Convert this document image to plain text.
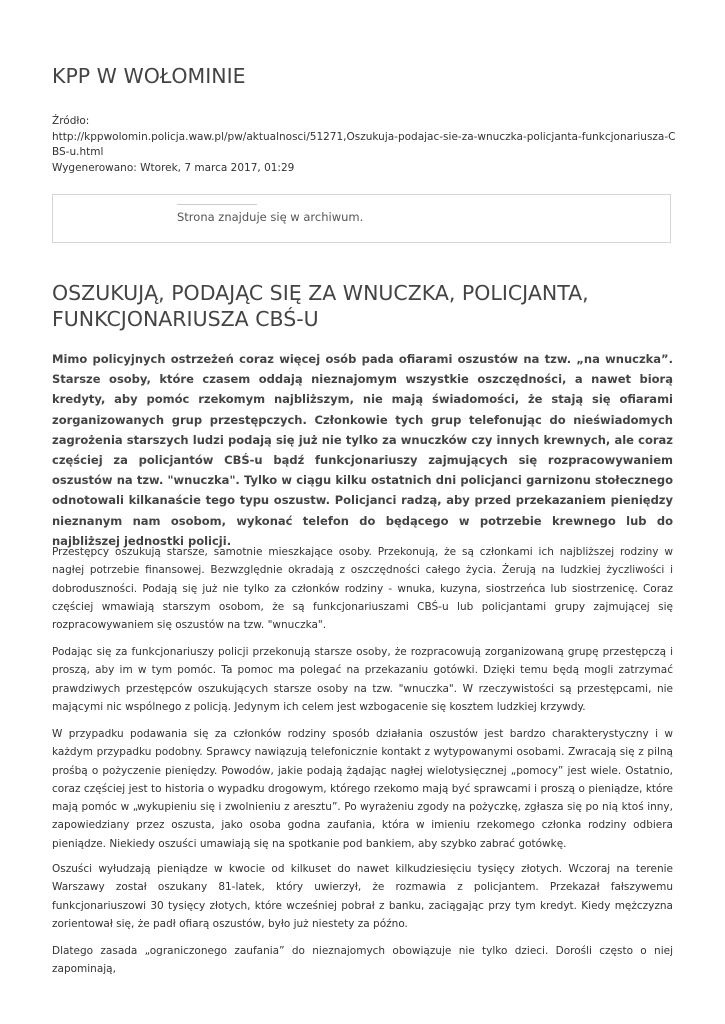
KPP W WOŁOMINIE
Źródło:
http://kppwolomin.policja.waw.pl/pw/aktualnosci/51271,Oszukuja-podajac-sie-za-wnuczka-policjanta-funkcjonariusza-CBS-u.html
Wygenerowano: Wtorek, 7 marca 2017, 01:29
Strona znajduje się w archiwum.
OSZUKUJĄ, PODAJĄC SIĘ ZA WNUCZKA, POLICJANTA, FUNKCJONARIUSZA CBŚ-U

Mimo policyjnych ostrzeżeń coraz więcej osób pada ofiarami oszustów na tzw. „na wnuczka”. Starsze osoby, które czasem oddają nieznajomym wszystkie oszczędności, a nawet biorą kredyty, aby pomóc rzekomym najbliższym, nie mają świadomości, że stają się ofiarami zorganizowanych grup przestępczych. Członkowie tych grup telefonując do nieświadomych zagrożenia starszych ludzi podają się już nie tylko za wnuczków czy innych krewnych, ale coraz częściej za policjantów CBŚ-u bądź funkcjonariuszy zajmujących się rozpracowywaniem oszustów na tzw. "wnuczka". Tylko w ciągu kilku ostatnich dni policjanci garnizonu stołecznego odnotowali kilkanaście tego typu oszustw. Policjanci radzą, aby przed przekazaniem pieniędzy nieznanym nam osobom, wykonać telefon do będącego w potrzebie krewnego lub do najbliższej jednostki policji.

Przestępcy oszukują starsze, samotnie mieszkające osoby. Przekonują, że są członkami ich najbliższej rodziny w nagłej potrzebie finansowej. Bezwzględnie okradają z oszczędności całego życia. Żerują na ludzkiej życzliwości i dobroduszności. Podają się już nie tylko za członków rodziny - wnuka, kuzyna, siostrzeńca lub siostrzenicę. Coraz częściej wmawiają starszym osobom, że są funkcjonariuszami CBŚ-u lub policjantami grupy zajmującej się rozpracowywaniem się oszustów na tzw. "wnuczka".

Podając się za funkcjonariuszy policji przekonują starsze osoby, że rozpracowują zorganizowaną grupę przestępczą i proszą, aby im w tym pomóc. Ta pomoc ma polegać na przekazaniu gotówki. Dzięki temu będą mogli zatrzymać prawdziwych przestępców oszukujących starsze osoby na tzw. "wnuczka". W rzeczywistości są przestępcami, nie mającymi nic wspólnego z policją. Jedynym ich celem jest wzbogacenie się kosztem ludzkiej krzywdy.

W przypadku podawania się za członków rodziny sposób działania oszustów jest bardzo charakterystyczny i w każdym przypadku podobny. Sprawcy nawiązują telefonicznie kontakt z wytypowanymi osobami. Zwracają się z pilną prośbą o pożyczenie pieniędzy. Powodów, jakie podają żądając nagłej wielotysięcznej „pomocy” jest wiele. Ostatnio, coraz częściej jest to historia o wypadku drogowym, którego rzekomo mają być sprawcami i proszą o pieniądze, które mają pomóc w „wykupieniu się i zwolnieniu z aresztu”. Po wyrażeniu zgody na pożyczkę, zgłasza się po nią ktoś inny, zapowiedziany przez oszusta, jako osoba godna zaufania, która w imieniu rzekomego członka rodziny odbiera pieniądze. Niekiedy oszuści umawiają się na spotkanie pod bankiem, aby szybko zabrać gotówkę.

Oszuści wyłudzają pieniądze w kwocie od kilkuset do nawet kilkudziesięciu tysięcy złotych. Wczoraj na terenie Warszawy został oszukany 81-latek, który uwierzył, że rozmawia z policjantem. Przekazał fałszywemu funkcjonariuszowi 30 tysięcy złotych, które wcześniej pobrał z banku, zaciągając przy tym kredyt. Kiedy mężczyzna zorientował się, że padł ofiarą oszustów, było już niestety za późno.

Dlatego zasada „ograniczonego zaufania” do nieznajomych obowiązuje nie tylko dzieci. Dorośli często o niej zapominają,
